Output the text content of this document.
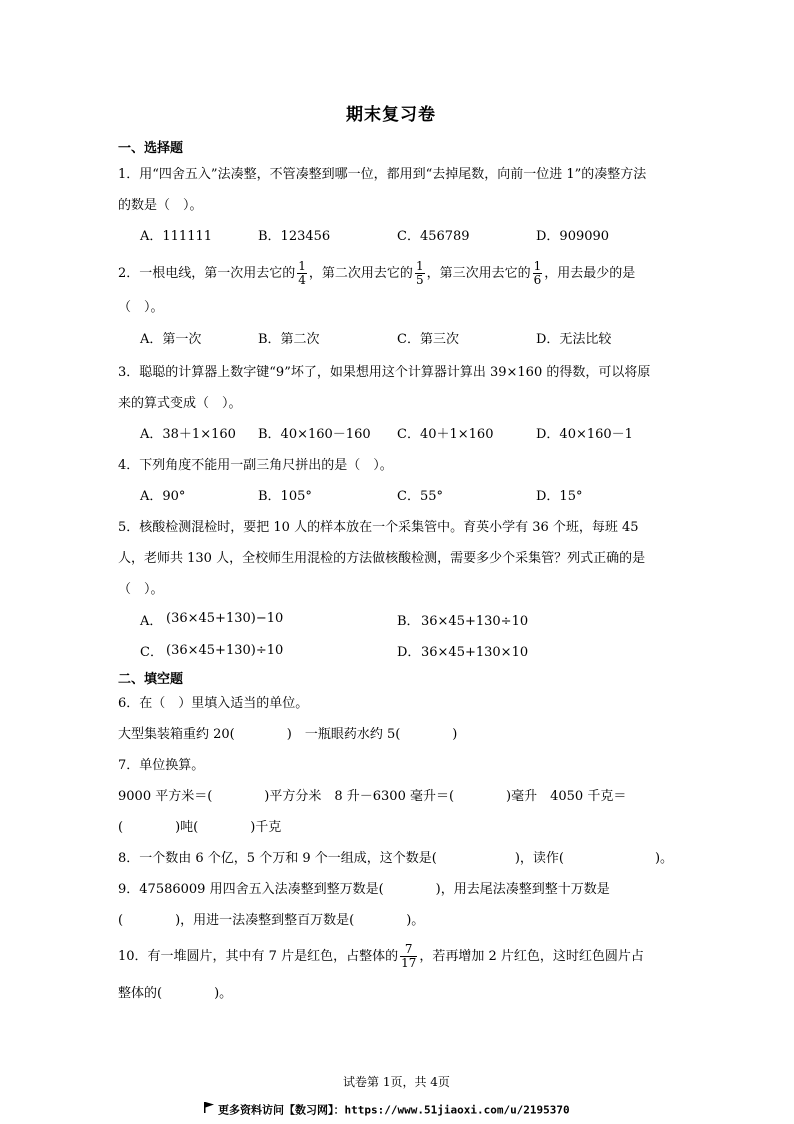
期末复习卷
一、选择题
1．用“四舍五入”法凑整，不管凑整到哪一位，都用到“去掉尾数，向前一位进 1”的凑整方法
的数是（　）。
A．111111	B．123456	C．456789	D．909090
2．一根电线，第一次用去它的 $\frac{1}{4}$ ，第二次用去它的 $\frac{1}{5}$ ，第三次用去它的 $\frac{1}{6}$ ，用去最少的是
（　）。
A．第一次	B．第二次	C．第三次	D．无法比较
3．聪聪的计算器上数字键“9”坏了，如果想用这个计算器计算出 39×160 的得数，可以将原
来的算式变成（　）。
A．38＋1×160 B．40×160－160 C．40＋1×160	D．40×160－1
4．下列角度不能用一副三角尺拼出的是（　）。
A．90°	B．105°	C．55°	D．15°
5．核酸检测混检时，要把 10 人的样本放在一个采集管中。育英小学有 36 个班，每班 45
人，老师共 130 人，全校师生用混检的方法做核酸检测，需要多少个采集管？列式正确的是
（　）。
A． (36×45+130)−10	B． 36×45+130÷10
C． (36×45+130)÷10	D． 36×45+130×10
二、填空题
6．在（　）里填入适当的单位。
大型集装箱重约 20(　　　　)　一瓶眼药水约 5(　　　　)
7．单位换算。
9000 平方米＝(　　　　)平方分米　8 升－6300 毫升＝(　　　　)毫升　4050 千克＝
(　　　　)吨(　　　　)千克
8．一个数由 6 个亿，5 个万和 9 个一组成，这个数是(　　　　　　)，读作(　　　　　　　)。
9．47586009 用四舍五入法凑整到整万数是(　　　　)，用去尾法凑整到整十万数是
(　　　　)，用进一法凑整到整百万数是(　　　　)。
10．有一堆圆片，其中有 7 片是红色，占整体的 $\frac{7}{17}$ ，若再增加 2 片红色，这时红色圆片占
整体的(　　　　)。
试卷第 1页，共 4页
更多资料访问【数习网】：https://www.51jiaoxi.com/u/2195370
